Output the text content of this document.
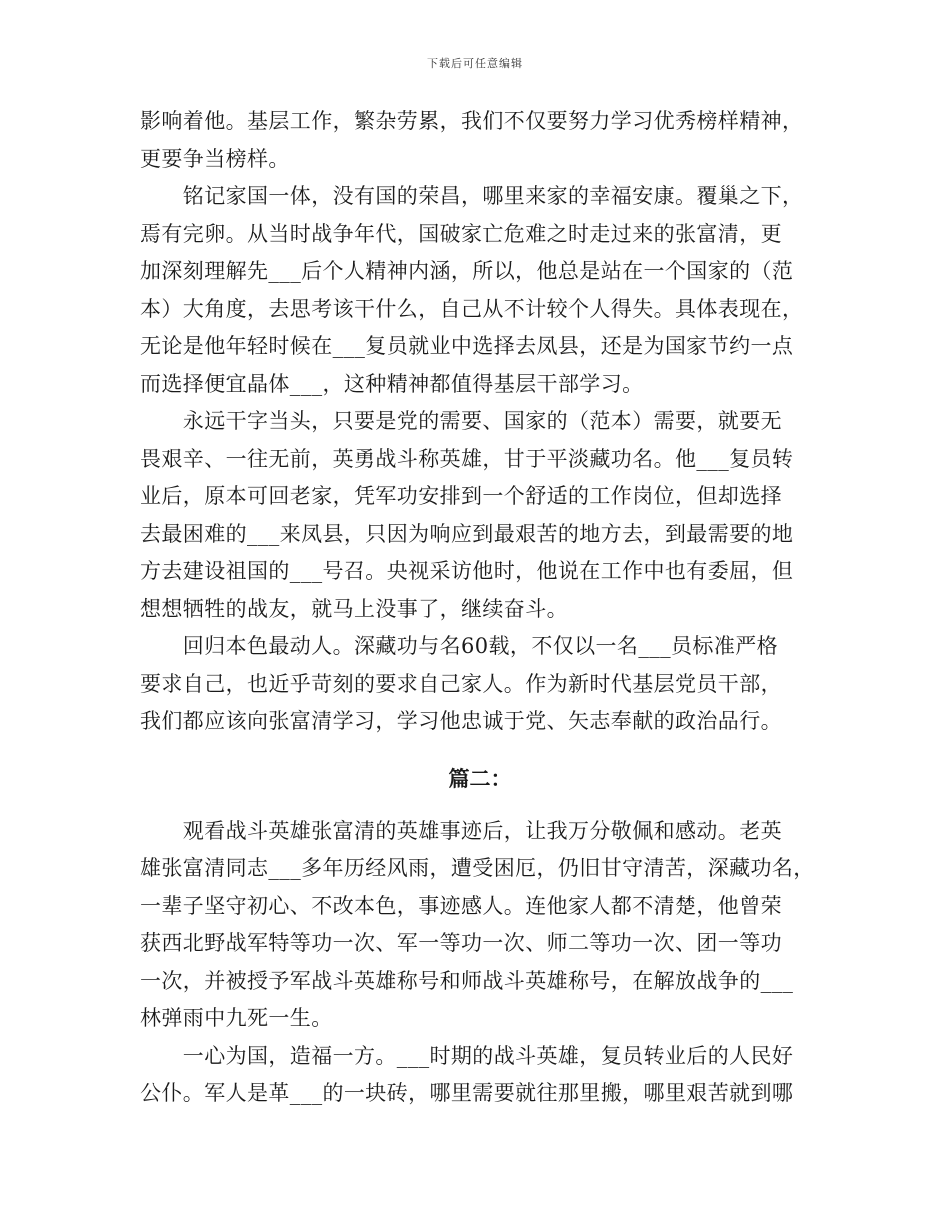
下载后可任意编辑
影响着他。基层工作，繁杂劳累，我们不仅要努力学习优秀榜样精神，
更要争当榜样。
　　铭记家国一体，没有国的荣昌，哪里来家的幸福安康。覆巢之下，
焉有完卵。从当时战争年代，国破家亡危难之时走过来的张富清，更
加深刻理解先___后个人精神内涵，所以，他总是站在一个国家的（范
本）大角度，去思考该干什么，自己从不计较个人得失。具体表现在，
无论是他年轻时候在___复员就业中选择去凤县，还是为国家节约一点
而选择便宜晶体___，这种精神都值得基层干部学习。
　　永远干字当头，只要是党的需要、国家的（范本）需要，就要无
畏艰辛、一往无前，英勇战斗称英雄，甘于平淡藏功名。他___复员转
业后，原本可回老家，凭军功安排到一个舒适的工作岗位，但却选择
去最困难的___来凤县，只因为响应到最艰苦的地方去，到最需要的地
方去建设祖国的___号召。央视采访他时，他说在工作中也有委屈，但
想想牺牲的战友，就马上没事了，继续奋斗。
　　回归本色最动人。深藏功与名60载，不仅以一名___员标准严格
要求自己，也近乎苛刻的要求自己家人。作为新时代基层党员干部，
我们都应该向张富清学习，学习他忠诚于党、矢志奉献的政治品行。
篇二：
　　观看战斗英雄张富清的英雄事迹后，让我万分敬佩和感动。老英
雄张富清同志___多年历经风雨，遭受困厄，仍旧甘守清苦，深藏功名，
一辈子坚守初心、不改本色，事迹感人。连他家人都不清楚，他曾荣
获西北野战军特等功一次、军一等功一次、师二等功一次、团一等功
一次，并被授予军战斗英雄称号和师战斗英雄称号，在解放战争的___
林弹雨中九死一生。
　　一心为国，造福一方。___时期的战斗英雄，复员转业后的人民好
公仆。军人是革___的一块砖，哪里需要就往那里搬，哪里艰苦就到哪
